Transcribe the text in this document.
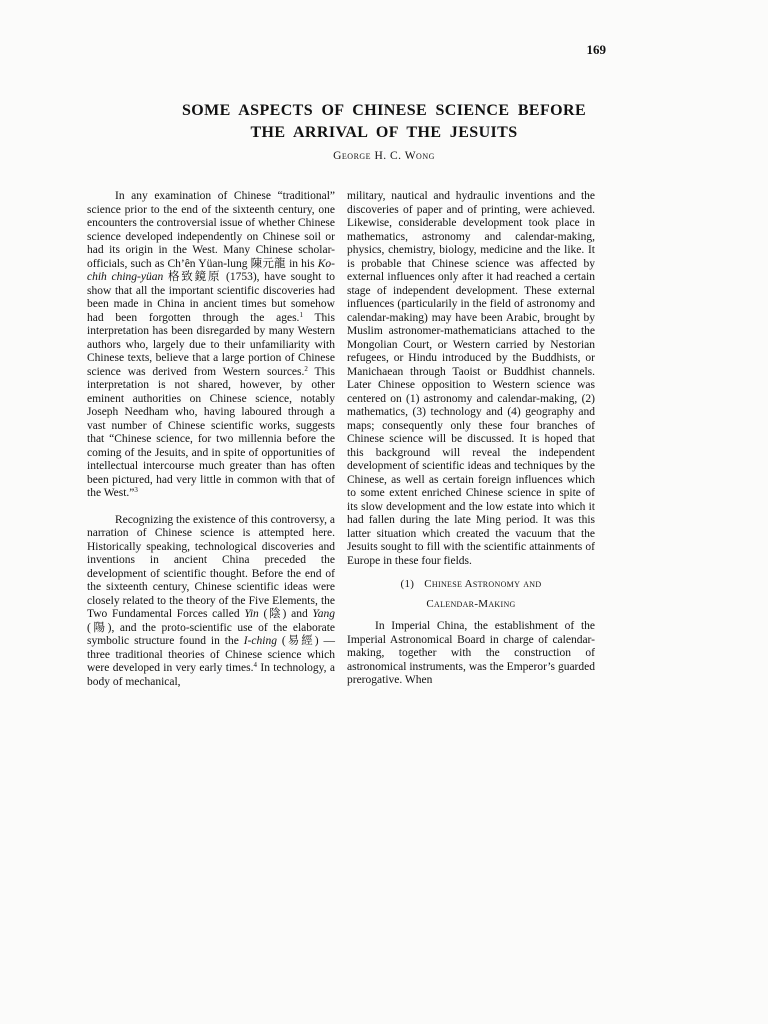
169
SOME ASPECTS OF CHINESE SCIENCE BEFORE
THE ARRIVAL OF THE JESUITS
George H. C. Wong

In any examination of Chinese “traditional” science prior to the end of the sixteenth century, one encounters the controversial issue of whether Chinese science developed independently on Chinese soil or had its origin in the West. Many Chinese scholar-officials, such as Ch’ên Yüan-lung 陳元龍 in his Ko-chih ching-yüan 格致鏡原 (1753), have sought to show that all the important scientific discoveries had been made in China in ancient times but somehow had been forgotten through the ages.$^1$ This interpretation has been disregarded by many Western authors who, largely due to their unfamiliarity with Chinese texts, believe that a large portion of Chinese science was derived from Western sources.$^2$ This interpretation is not shared, however, by other eminent authorities on Chinese science, notably Joseph Needham who, having laboured through a vast number of Chinese scientific works, suggests that “Chinese science, for two millennia before the coming of the Jesuits, and in spite of opportunities of intellectual intercourse much greater than has often been pictured, had very little in common with that of the West.”$^3$

Recognizing the existence of this controversy, a narration of Chinese science is attempted here. Historically speaking, technological discoveries and inventions in ancient China preceded the development of scientific thought. Before the end of the sixteenth century, Chinese scientific ideas were closely related to the theory of the Five Elements, the Two Fundamental Forces called Yin (陰) and Yang (陽), and the proto-scientific use of the elaborate symbolic structure found in the I-ching (易經) — three traditional theories of Chinese science which were developed in very early times.$^4$ In technology, a body of mechanical,

military, nautical and hydraulic inventions and the discoveries of paper and of printing, were achieved. Likewise, considerable development took place in mathematics, astronomy and calendar-making, physics, chemistry, biology, medicine and the like. It is probable that Chinese science was affected by external influences only after it had reached a certain stage of independent development. These external influences (particularily in the field of astronomy and calendar-making) may have been Arabic, brought by Muslim astronomer-mathematicians attached to the Mongolian Court, or Western carried by Nestorian refugees, or Hindu introduced by the Buddhists, or Manichaean through Taoist or Buddhist channels. Later Chinese opposition to Western science was centered on (1) astronomy and calendar-making, (2) mathematics, (3) technology and (4) geography and maps; consequently only these four branches of Chinese science will be discussed. It is hoped that this background will reveal the independent development of scientific ideas and techniques by the Chinese, as well as certain foreign influences which to some extent enriched Chinese science in spite of its slow development and the low estate into which it had fallen during the late Ming period. It was this latter situation which created the vacuum that the Jesuits sought to fill with the scientific attainments of Europe in these four fields.

(1) Chinese Astronomy and
Calendar-Making

In Imperial China, the establishment of the Imperial Astronomical Board in charge of calendar-making, together with the construction of astronomical instruments, was the Emperor’s guarded prerogative. When
